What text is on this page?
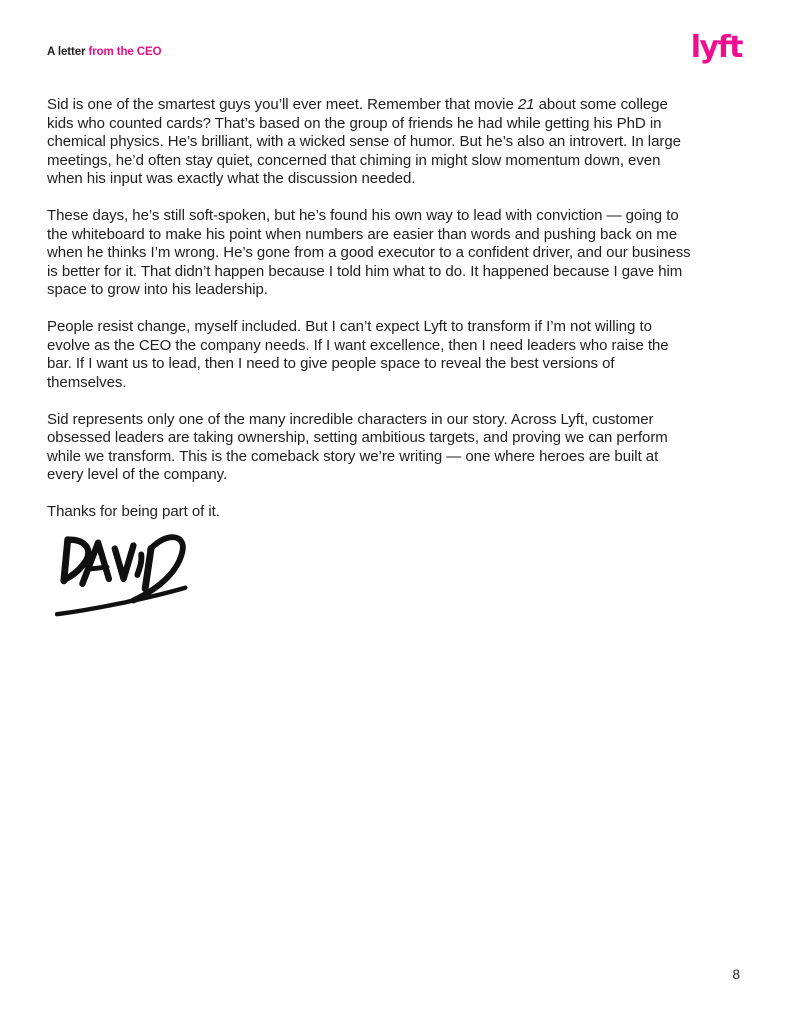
A letter from the CEO	lyft

Sid is one of the smartest guys you’ll ever meet. Remember that movie 21 about some college kids who counted cards? That’s based on the group of friends he had while getting his PhD in chemical physics. He’s brilliant, with a wicked sense of humor. But he’s also an introvert. In large meetings, he’d often stay quiet, concerned that chiming in might slow momentum down, even when his input was exactly what the discussion needed.

These days, he’s still soft-spoken, but he’s found his own way to lead with conviction — going to the whiteboard to make his point when numbers are easier than words and pushing back on me when he thinks I’m wrong. He’s gone from a good executor to a confident driver, and our business is better for it. That didn’t happen because I told him what to do. It happened because I gave him space to grow into his leadership.

People resist change, myself included. But I can’t expect Lyft to transform if I’m not willing to evolve as the CEO the company needs. If I want excellence, then I need leaders who raise the bar. If I want us to lead, then I need to give people space to reveal the best versions of themselves.

Sid represents only one of the many incredible characters in our story. Across Lyft, customer obsessed leaders are taking ownership, setting ambitious targets, and proving we can perform while we transform. This is the comeback story we’re writing — one where heroes are built at every level of the company.

Thanks for being part of it.

8
